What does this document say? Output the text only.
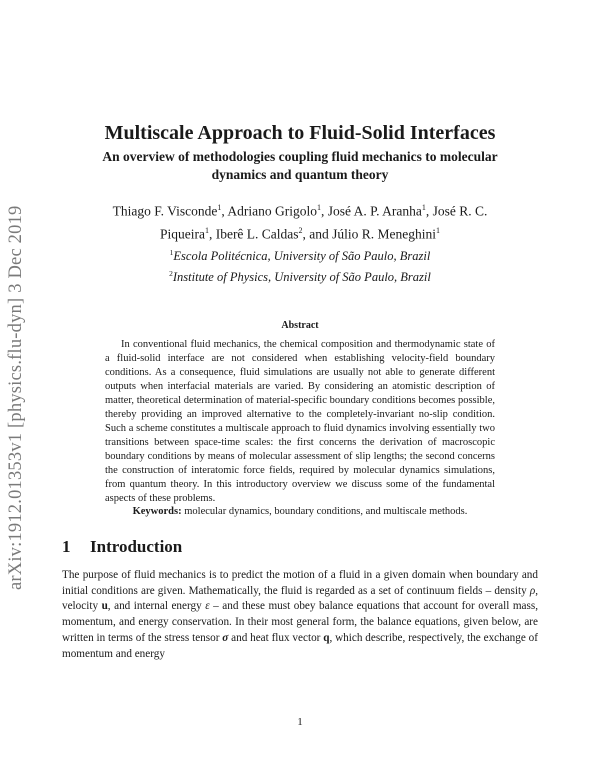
arXiv:1912.01353v1 [physics.flu-dyn] 3 Dec 2019
Multiscale Approach to Fluid-Solid Interfaces
An overview of methodologies coupling fluid mechanics to molecular dynamics and quantum theory
Thiago F. Visconde$^1$, Adriano Grigolo$^1$, José A. P. Aranha$^1$, José R. C. Piqueira$^1$, Iberê L. Caldas$^2$, and Júlio R. Meneghini$^1$
$^1$Escola Politécnica, University of São Paulo, Brazil
$^2$Institute of Physics, University of São Paulo, Brazil
Abstract

In conventional fluid mechanics, the chemical composition and thermodynamic state of a fluid-solid interface are not considered when establishing velocity-field boundary conditions. As a consequence, fluid simulations are usually not able to generate different outputs when interfacial materials are varied. By considering an atomistic description of matter, theoretical determination of material-specific boundary conditions becomes possible, thereby providing an improved alternative to the completely-invariant no-slip condition. Such a scheme constitutes a multiscale approach to fluid dynamics involving essentially two transitions between space-time scales: the first concerns the derivation of macroscopic boundary conditions by means of molecular assessment of slip lengths; the second concerns the construction of interatomic force fields, required by molecular dynamics simulations, from quantum theory. In this introductory overview we discuss some of the fundamental aspects of these problems.

Keywords: molecular dynamics, boundary conditions, and multiscale methods.
1 Introduction

The purpose of fluid mechanics is to predict the motion of a fluid in a given domain when boundary and initial conditions are given. Mathematically, the fluid is regarded as a set of continuum fields – density ρ, velocity u, and internal energy ε – and these must obey balance equations that account for overall mass, momentum, and energy conservation. In their most general form, the balance equations, given below, are written in terms of the stress tensor σ and heat flux vector q, which describe, respectively, the exchange of momentum and energy

1
